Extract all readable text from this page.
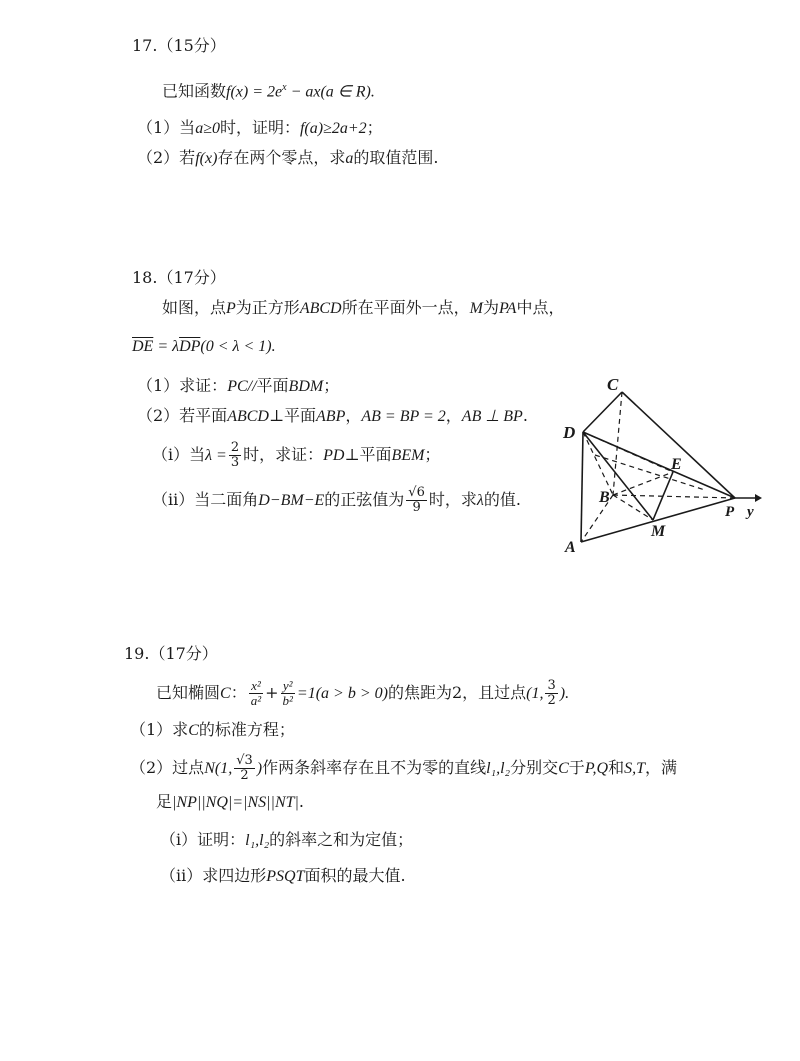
17.（15分）
已知函数$f(x) = 2e^x - ax(a$ ∈ R).
（1）当a≥0时，证明：f(a)≥2a+2；
（2）若f(x)存在两个零点，求a的取值范围.
18.（17分）
如图，点P为正方形ABCD所在平面外一点，M为PA中点，
$\overline{DE} = \lambda\overline{DP}(0 < \lambda < 1)$.
（1）求证：PC//平面BDM；
（2）若平面ABCD⊥平面ABP，AB = BP = 2，AB ⊥ BP.
（i）当$\lambda = \frac{2}{3}$ 时，求证：PD⊥平面BEM；
（ii）当二面角D−BM−E的正弦值为 $\frac{√6}{9}$ 时，求λ的值.
C
D
E
B
M
P
A
y
19.（17分）
已知椭圆C： $\frac{\text{x²}}{\text{a²}} + \frac{\text{y²}}{\text{b²}} =1(a > b > 0)$的焦距为2，且过点(1, $\frac{3}{2}$ ).
（1）求C的标准方程；
（2）过点N(1, $\frac{√3}{2}$ )作两条斜率存在且不为零的直线l₁,l₂分别交C于P,Q和S,T，满
足|NP||NQ|=|NS||NT|.
（i）证明：l₁,l₂的斜率之和为定值；
（ii）求四边形PSQT面积的最大值.
